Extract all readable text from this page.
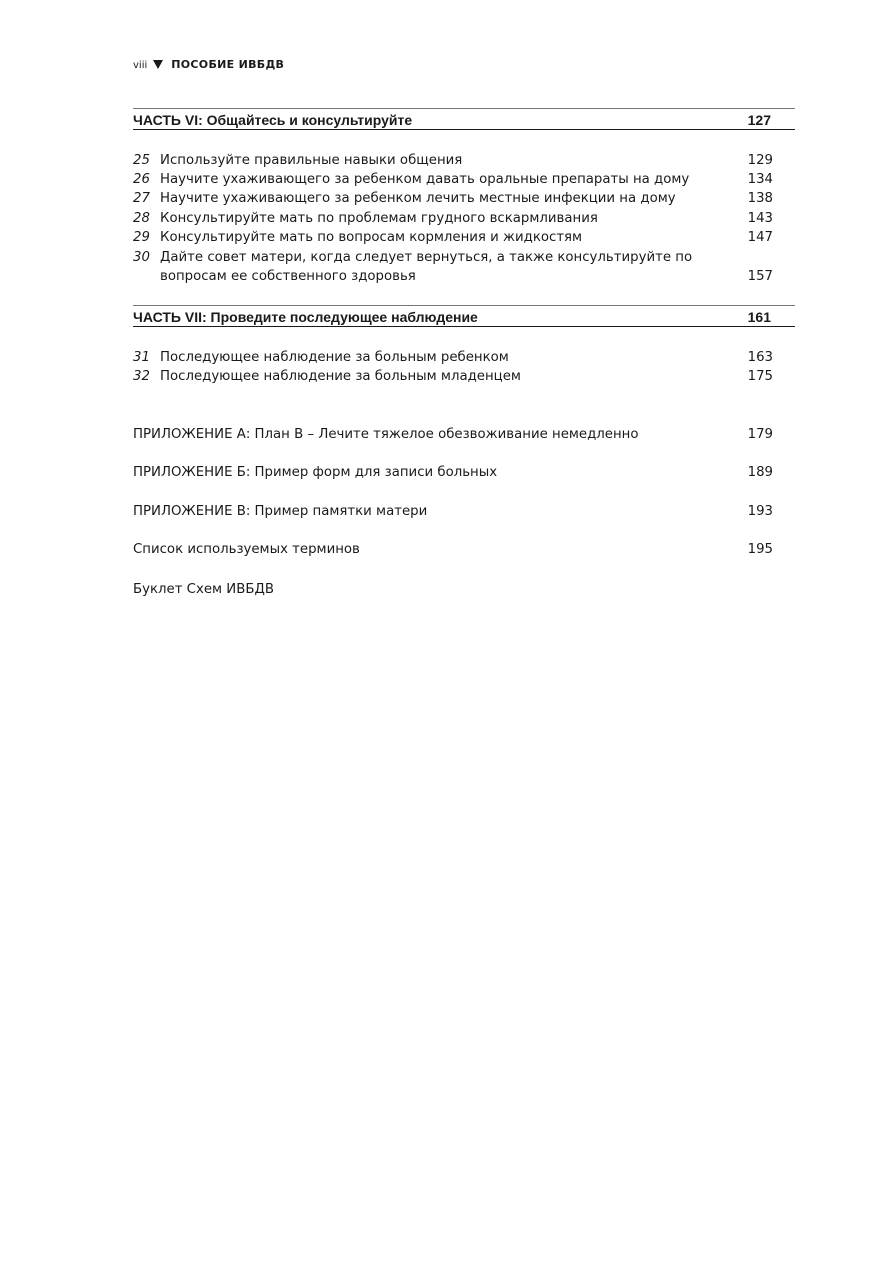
viii ПОСОБИЕ ИВБДВ
ЧАСТЬ VI: Общайтесь и консультируйте	127
25 Используйте правильные навыки общения	129
26 Научите ухаживающего за ребенком давать оральные препараты на дому	134
27 Научите ухаживающего за ребенком лечить местные инфекции на дому	138
28 Консультируйте мать по проблемам грудного вскармливания	143
29 Консультируйте мать по вопросам кормления и жидкостям	147
30 Дайте совет матери, когда следует вернуться, а также консультируйте по вопросам ее собственного здоровья	157
ЧАСТЬ VII: Проведите последующее наблюдение	161
31 Последующее наблюдение за больным ребенком	163
32 Последующее наблюдение за больным младенцем	175
ПРИЛОЖЕНИЕ А: План В – Лечите тяжелое обезвоживание немедленно	179
ПРИЛОЖЕНИЕ Б: Пример форм для записи больных	189
ПРИЛОЖЕНИЕ В: Пример памятки матери	193
Список используемых терминов	195
Буклет Схем ИВБДВ
